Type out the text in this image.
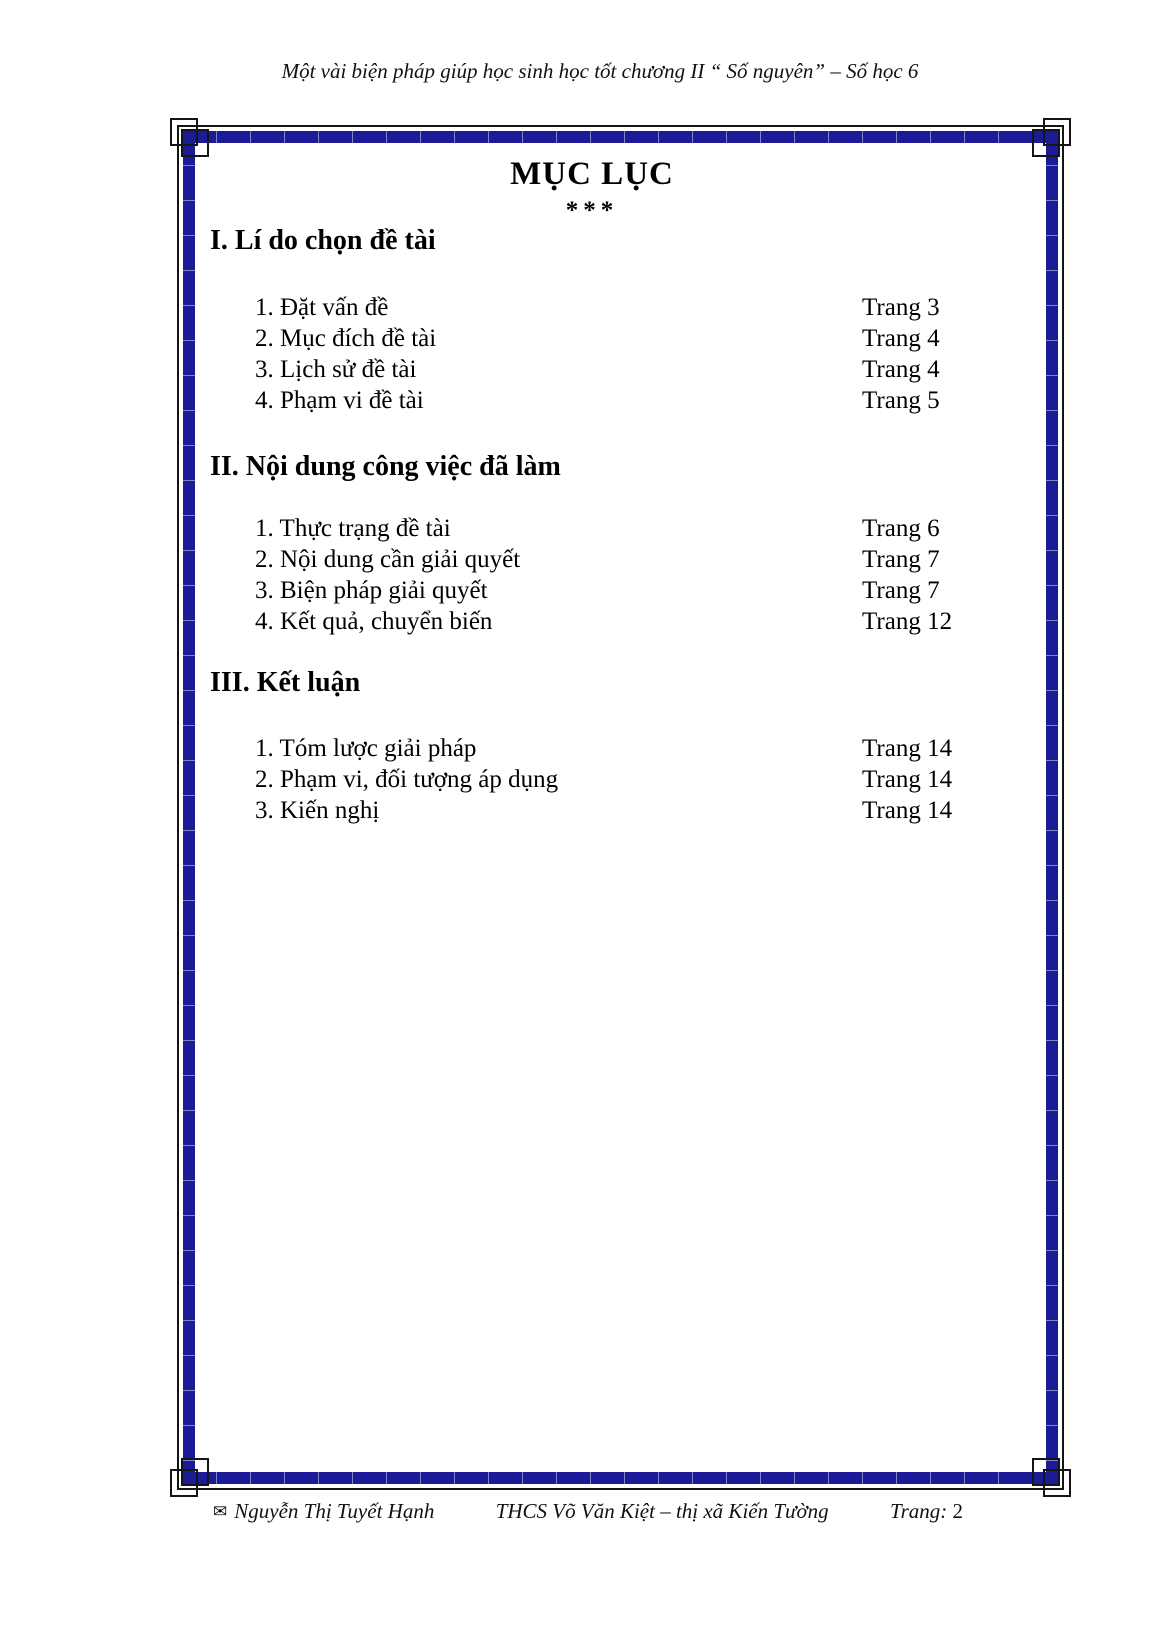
Một vài biện pháp giúp học sinh học tốt chương II “ Số nguyên” – Số học 6
MỤC LỤC
***
I. Lí do chọn đề tài
1. Đặt vấn đề	Trang 3
2. Mục đích đề tài	Trang 4
3. Lịch sử đề tài	Trang 4
4. Phạm vi đề tài	Trang 5
II. Nội dung công việc đã làm
1. Thực trạng đề tài	Trang 6
2. Nội dung cần giải quyết	Trang 7
3. Biện pháp giải quyết	Trang 7
4. Kết quả, chuyển biến	Trang 12
III. Kết luận
1. Tóm lược giải pháp	Trang 14
2. Phạm vi, đối tượng áp dụng	Trang 14
3. Kiến nghị	Trang 14
✉ Nguyễn Thị Tuyết Hạnh	THCS Võ Văn Kiệt – thị xã Kiến Tường	Trang: 2
